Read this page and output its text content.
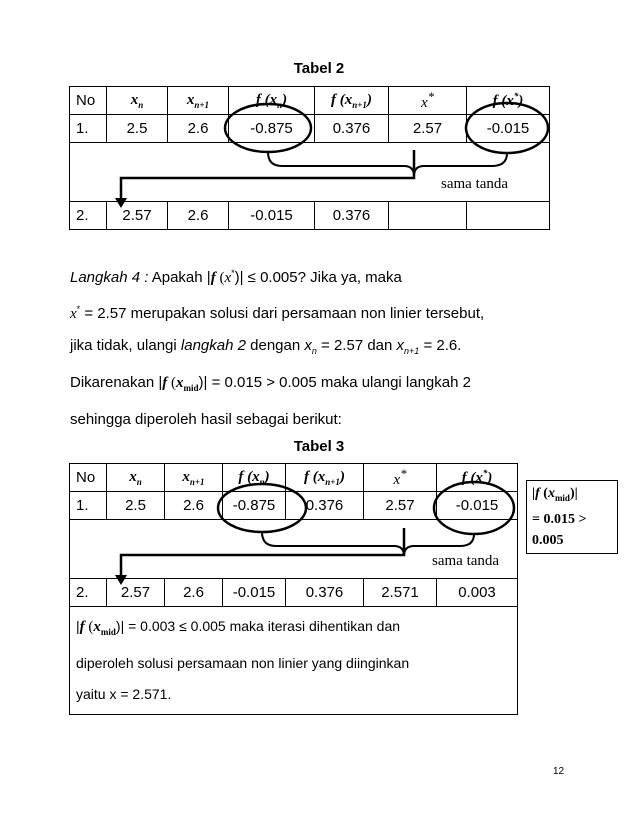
Tabel 2
No	$x_n$	$x_{n+1}$	f $(x_n)$	f $(x_{n+1})$	x*	f (x*)
1.	2.5	2.6	-0.875	0.376	2.57	-0.015

2.	2.57	2.6	-0.015	0.376		
sama tanda
Langkah 4 : Apakah |f (x*)| ≤ 0.005? Jika ya, maka
x* = 2.57 merupakan solusi dari persamaan non linier tersebut,
jika tidak, ulangi langkah 2 dengan $x_n = 2.57$ dan $x_{n+1} = 2.6$.
Dikarenakan |f $(x_{mid})| = 0.015 > 0.005$ maka ulangi langkah 2
sehingga diperoleh hasil sebagai berikut:
Tabel 3
No	$x_n$	$x_{n+1}$	f $(x_n)$	f $(x_{n+1})$	x*	f (x*)
1.	2.5	2.6	-0.875	0.376	2.57	-0.015

2.	2.57	2.6	-0.015	0.376	2.571	0.003

|f $(x_{mid})| = 0.003 \le 0.005$ maka iterasi dihentikan dan
diperoleh solusi persamaan non linier yang diinginkan
yaitu x = 2.571.						
sama tanda
|f $(x_{mid})|$
= 0.015 >
0.005
12
